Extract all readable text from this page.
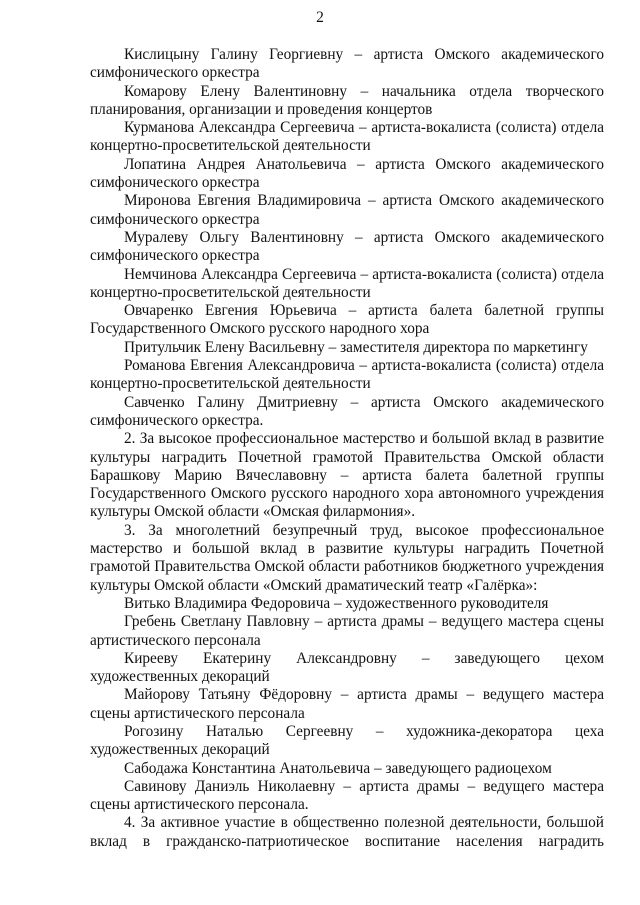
2

Кислицыну Галину Георгиевну – артиста Омского академического симфонического оркестра

Комарову Елену Валентиновну – начальника отдела творческого планирования, организации и проведения концертов

Курманова Александра Сергеевича – артиста-вокалиста (солиста) отдела концертно-просветительской деятельности

Лопатина Андрея Анатольевича – артиста Омского академического симфонического оркестра

Миронова Евгения Владимировича – артиста Омского академического симфонического оркестра

Муралеву Ольгу Валентиновну – артиста Омского академического симфонического оркестра

Немчинова Александра Сергеевича – артиста-вокалиста (солиста) отдела концертно-просветительской деятельности

Овчаренко Евгения Юрьевича – артиста балета балетной группы Государственного Омского русского народного хора

Притульчик Елену Васильевну – заместителя директора по маркетингу

Романова Евгения Александровича – артиста-вокалиста (солиста) отдела концертно-просветительской деятельности

Савченко Галину Дмитриевну – артиста Омского академического симфонического оркестра.

2. За высокое профессиональное мастерство и большой вклад в развитие культуры наградить Почетной грамотой Правительства Омской области Барашкову Марию Вячеславовну – артиста балета балетной группы Государственного Омского русского народного хора автономного учреждения культуры Омской области «Омская филармония».

3. За многолетний безупречный труд, высокое профессиональное мастерство и большой вклад в развитие культуры наградить Почетной грамотой Правительства Омской области работников бюджетного учреждения культуры Омской области «Омский драматический театр «Галёрка»:

Витько Владимира Федоровича – художественного руководителя

Гребень Светлану Павловну – артиста драмы – ведущего мастера сцены артистического персонала

Кирееву Екатерину Александровну – заведующего цехом художественных декораций

Майорову Татьяну Фёдоровну – артиста драмы – ведущего мастера сцены артистического персонала

Рогозину Наталью Сергеевну – художника-декоратора цеха художественных декораций

Сабодажа Константина Анатольевича – заведующего радиоцехом

Савинову Даниэль Николаевну – артиста драмы – ведущего мастера сцены артистического персонала.

4. За активное участие в общественно полезной деятельности, большой вклад в гражданско-патриотическое воспитание населения наградить
